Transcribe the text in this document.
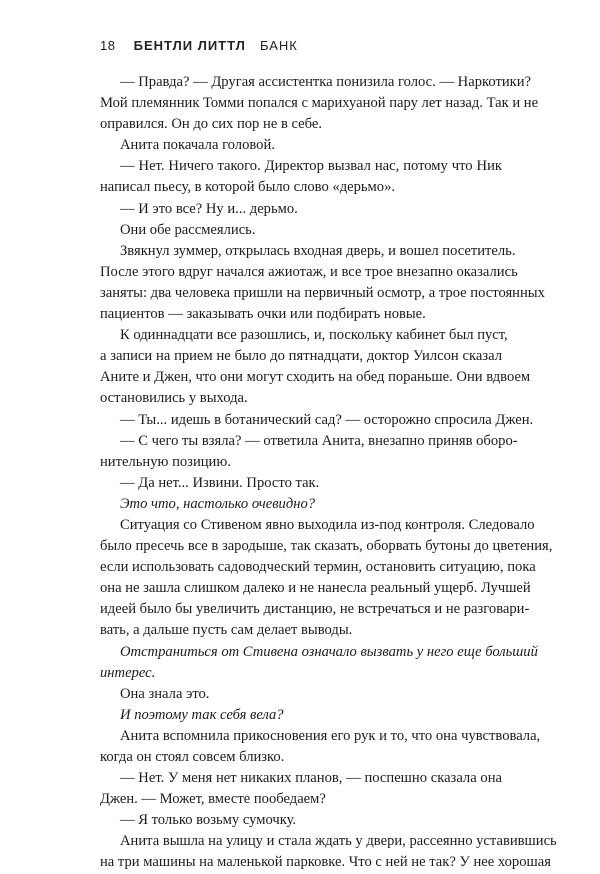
18 БЕНТЛИ ЛИТТЛ БАНК
— Правда? — Другая ассистентка понизила голос. — Наркотики?
Мой племянник Томми попался с марихуаной пару лет назад. Так и не
оправился. Он до сих пор не в себе.
Анита покачала головой.
— Нет. Ничего такого. Директор вызвал нас, потому что Ник
написал пьесу, в которой было слово «дерьмо».
— И это все? Ну и... дерьмо.
Они обе рассмеялись.
Звякнул зуммер, открылась входная дверь, и вошел посетитель.
После этого вдруг начался ажиотаж, и все трое внезапно оказались
заняты: два человека пришли на первичный осмотр, а трое постоянных
пациентов — заказывать очки или подбирать новые.
К одиннадцати все разошлись, и, поскольку кабинет был пуст,
а записи на прием не было до пятнадцати, доктор Уилсон сказал
Аните и Джен, что они могут сходить на обед пораньше. Они вдвоем
остановились у выхода.
— Ты... идешь в ботанический сад? — осторожно спросила Джен.
— С чего ты взяла? — ответила Анита, внезапно приняв оборо-
нительную позицию.
— Да нет... Извини. Просто так.
Это что, настолько очевидно?
Ситуация со Стивеном явно выходила из-под контроля. Следовало
было пресечь все в зародыше, так сказать, оборвать бутоны до цветения,
если использовать садоводческий термин, остановить ситуацию, пока
она не зашла слишком далеко и не нанесла реальный ущерб. Лучшей
идеей было бы увеличить дистанцию, не встречаться и не разговари-
вать, а дальше пусть сам делает выводы.
Отстраниться от Стивена означало вызвать у него еще больший
интерес.
Она знала это.
И поэтому так себя вела?
Анита вспомнила прикосновения его рук и то, что она чувствовала,
когда он стоял совсем близко.
— Нет. У меня нет никаких планов, — поспешно сказала она
Джен. — Может, вместе пообедаем?
— Я только возьму сумочку.
Анита вышла на улицу и стала ждать у двери, рассеянно уставившись
на три машины на маленькой парковке. Что с ней не так? У нее хорошая
